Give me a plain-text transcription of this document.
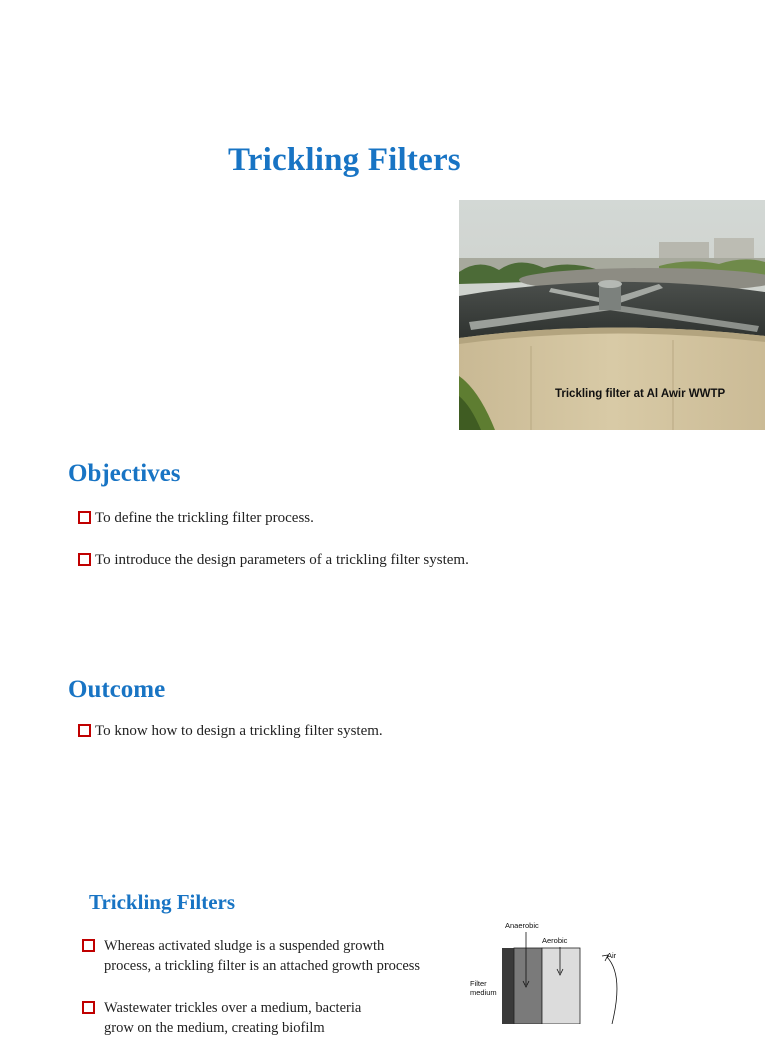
Trickling Filters
Trickling filter at Al Awir WWTP
Objectives
To define the trickling filter process.
To introduce the design parameters of a trickling filter system.
Outcome
To know how to design a trickling filter system.
Trickling Filters
Whereas activated sludge is a suspended growth
process, a trickling filter is an attached growth process
Wastewater trickles over a medium, bacteria
grow on the medium, creating biofilm
Anaerobic
Aerobic
Air
Filter
medium
